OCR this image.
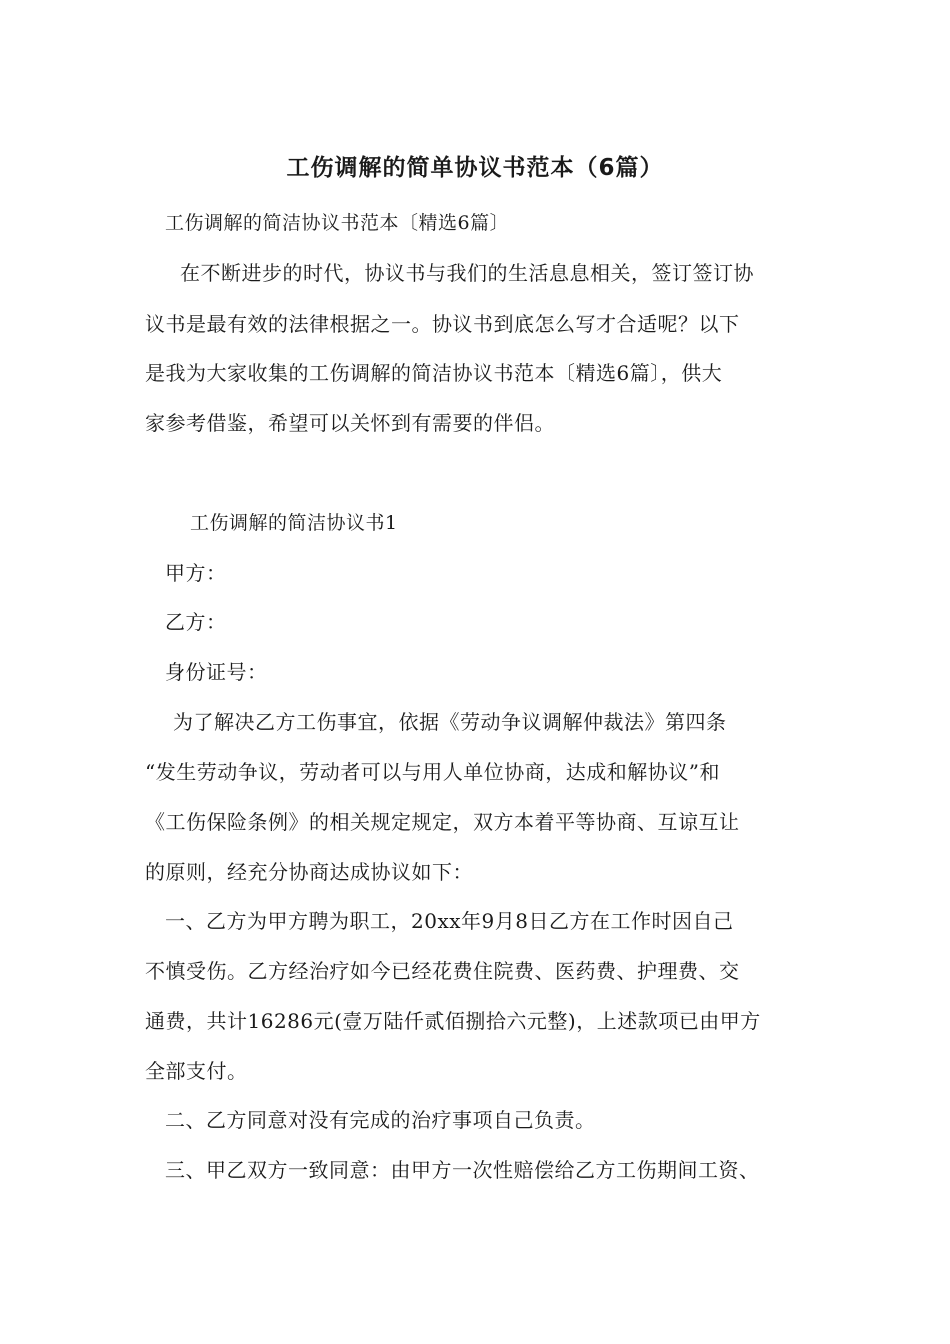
工伤调解的简单协议书范本（6篇）
工伤调解的简洁协议书范本〔精选6篇〕
在不断进步的时代，协议书与我们的生活息息相关，签订签订协
议书是最有效的法律根据之一。协议书到底怎么写才合适呢？以下
是我为大家收集的工伤调解的简洁协议书范本〔精选6篇〕，供大
家参考借鉴，希望可以关怀到有需要的伴侣。
工伤调解的简洁协议书1
甲方：
乙方：
身份证号：
为了解决乙方工伤事宜，依据《劳动争议调解仲裁法》第四条
“发生劳动争议，劳动者可以与用人单位协商，达成和解协议”和
《工伤保险条例》的相关规定规定，双方本着平等协商、互谅互让
的原则，经充分协商达成协议如下：
一、乙方为甲方聘为职工，20xx年9月8日乙方在工作时因自己
不慎受伤。乙方经治疗如今已经花费住院费、医药费、护理费、交
通费，共计16286元(壹万陆仟贰佰捌拾六元整)，上述款项已由甲方
全部支付。
二、乙方同意对没有完成的治疗事项自己负责。
三、甲乙双方一致同意：由甲方一次性赔偿给乙方工伤期间工资、
